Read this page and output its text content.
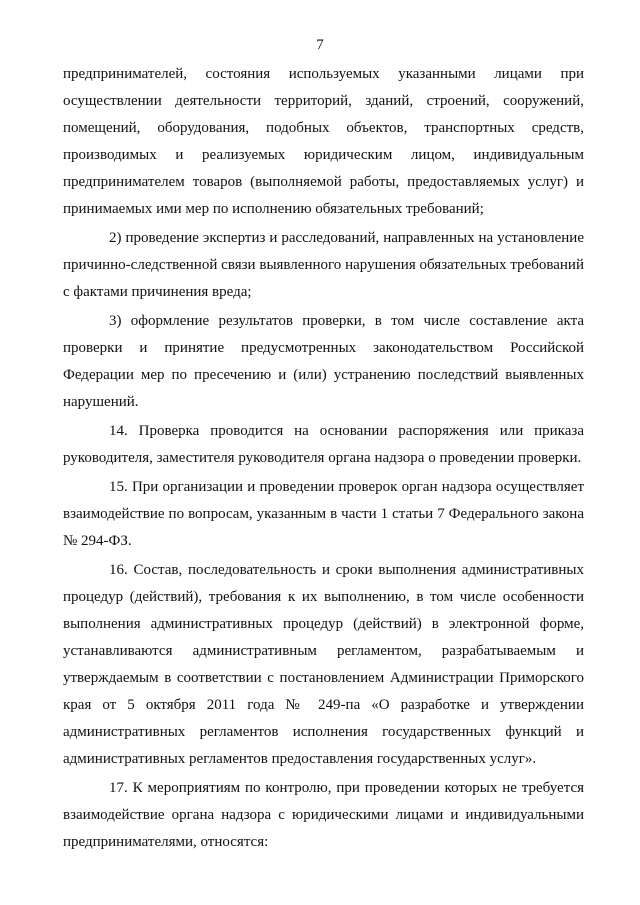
7

предпринимателей, состояния используемых указанными лицами при осуществлении деятельности территорий, зданий, строений, сооружений, помещений, оборудования, подобных объектов, транспортных средств, производимых и реализуемых юридическим лицом, индивидуальным предпринимателем товаров (выполняемой работы, предоставляемых услуг) и принимаемых ими мер по исполнению обязательных требований;

2) проведение экспертиз и расследований, направленных на установление причинно-следственной связи выявленного нарушения обязательных требований с фактами причинения вреда;

3) оформление результатов проверки, в том числе составление акта проверки и принятие предусмотренных законодательством Российской Федерации мер по пресечению и (или) устранению последствий выявленных нарушений.

14. Проверка проводится на основании распоряжения или приказа руководителя, заместителя руководителя органа надзора о проведении проверки.

15. При организации и проведении проверок орган надзора осуществляет взаимодействие по вопросам, указанным в части 1 статьи 7 Федерального закона № 294-ФЗ.

16. Состав, последовательность и сроки выполнения административных процедур (действий), требования к их выполнению, в том числе особенности выполнения административных процедур (действий) в электронной форме, устанавливаются административным регламентом, разрабатываемым и утверждаемым в соответствии с постановлением Администрации Приморского края от 5 октября 2011 года № 249-па «О разработке и утверждении административных регламентов исполнения государственных функций и административных регламентов предоставления государственных услуг».

17. К мероприятиям по контролю, при проведении которых не требуется взаимодействие органа надзора с юридическими лицами и индивидуальными предпринимателями, относятся:
